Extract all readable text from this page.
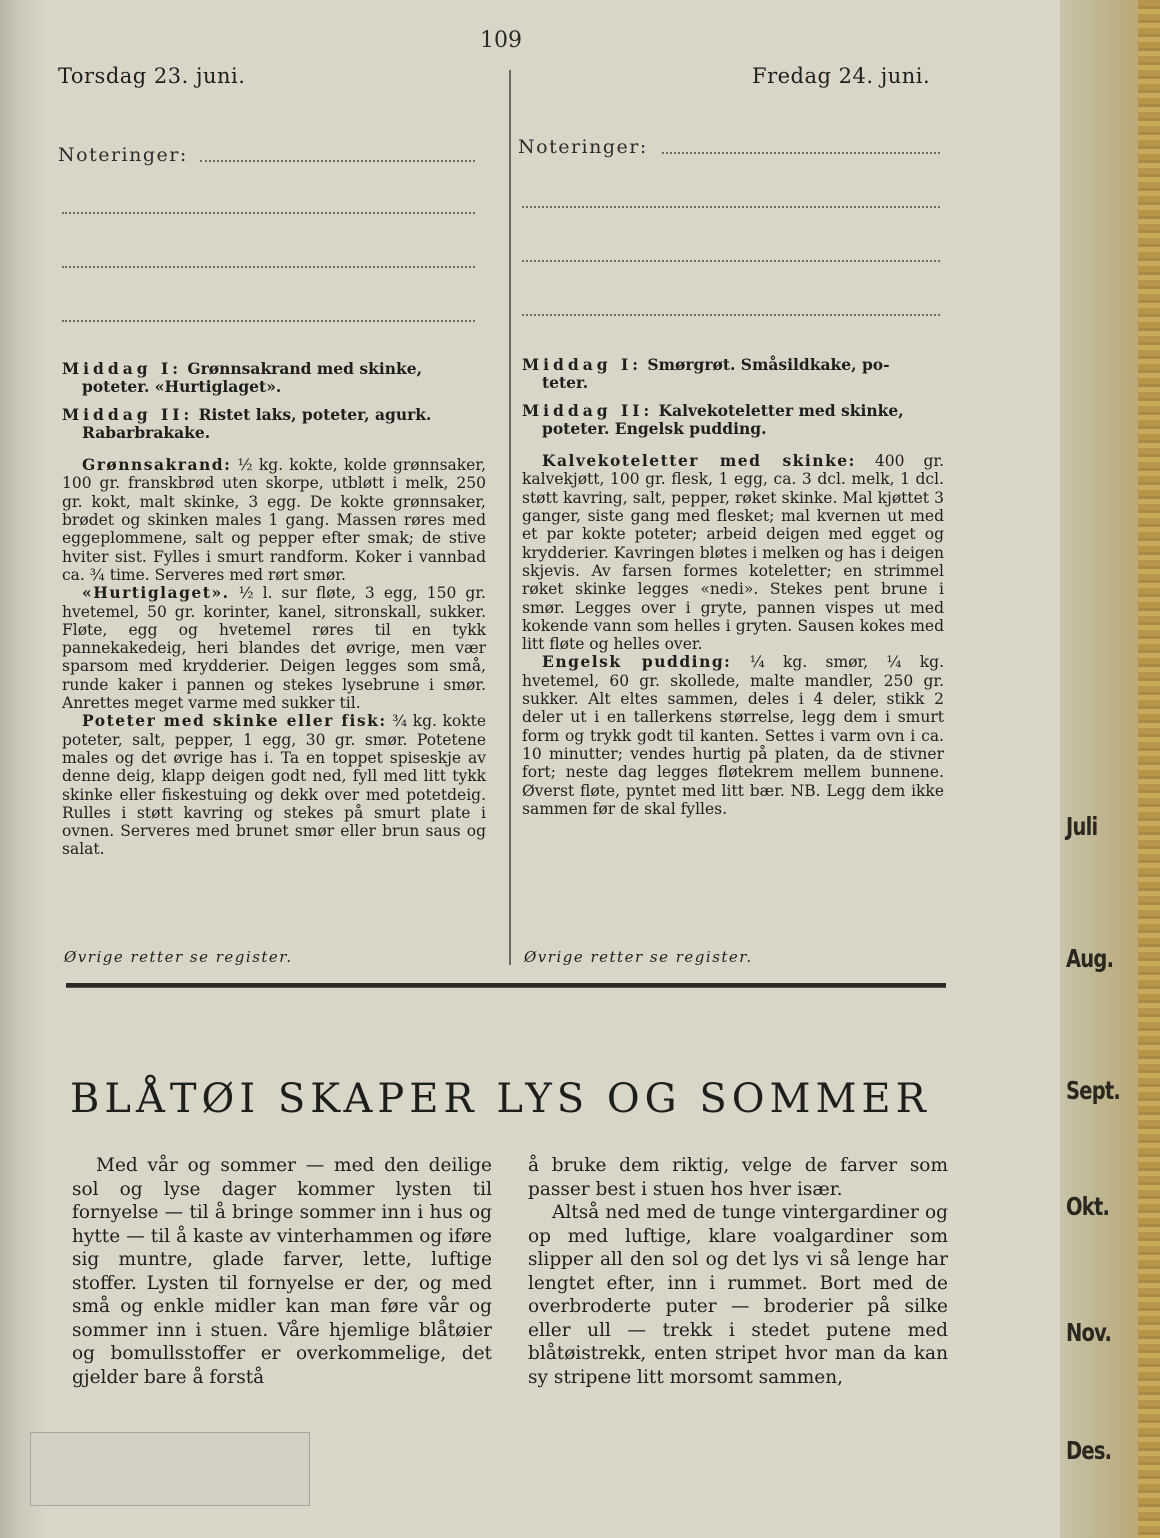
109
Torsdag 23. juni.
Noteringer:
Fredag 24. juni.
Noteringer:

Middag I: Grønnsakrand med skinke,
poteter. «Hurtiglaget».

Middag II: Ristet laks, poteter, agurk.
Rabarbrakake.

Grønnsakrand: ½ kg. kokte, kolde grønnsaker, 100 gr. franskbrød uten skorpe, utbløtt i melk, 250 gr. kokt, malt skinke, 3 egg. De kokte grønnsaker, brødet og skinken males 1 gang. Massen røres med eggeplommene, salt og pepper efter smak; de stive hviter sist. Fylles i smurt randform. Koker i vannbad ca. ¾ time. Serveres med rørt smør.

«Hurtiglaget». ½ l. sur fløte, 3 egg, 150 gr. hvetemel, 50 gr. korinter, kanel, sitronskall, sukker. Fløte, egg og hvetemel røres til en tykk pannekakedeig, heri blandes det øvrige, men vær sparsom med krydderier. Deigen legges som små, runde kaker i pannen og stekes lysebrune i smør. Anrettes meget varme med sukker til.

Poteter med skinke eller fisk: ¾ kg. kokte poteter, salt, pepper, 1 egg, 30 gr. smør. Potetene males og det øvrige has i. Ta en toppet spiseskje av denne deig, klapp deigen godt ned, fyll med litt tykk skinke eller fiskestuing og dekk over med potetdeig. Rulles i støtt kavring og stekes på smurt plate i ovnen. Serveres med brunet smør eller brun saus og salat.

Øvrige retter se register.

Middag I: Smørgrøt. Småsildkake, po-
teter.

Middag II: Kalvekoteletter med skinke,
poteter. Engelsk pudding.

Kalvekoteletter med skinke: 400 gr. kalvekjøtt, 100 gr. flesk, 1 egg, ca. 3 dcl. melk, 1 dcl. støtt kavring, salt, pepper, røket skinke. Mal kjøttet 3 ganger, siste gang med flesket; mal kvernen ut med et par kokte poteter; arbeid deigen med egget og krydderier. Kavringen bløtes i melken og has i deigen skjevis. Av farsen formes koteletter; en strimmel røket skinke legges «nedi». Stekes pent brune i smør. Legges over i gryte, pannen vispes ut med kokende vann som helles i gryten. Sausen kokes med litt fløte og helles over.

Engelsk pudding: ¼ kg. smør, ¼ kg. hvetemel, 60 gr. skollede, malte mandler, 250 gr. sukker. Alt eltes sammen, deles i 4 deler, stikk 2 deler ut i en tallerkens størrelse, legg dem i smurt form og trykk godt til kanten. Settes i varm ovn i ca. 10 minutter; vendes hurtig på platen, da de stivner fort; neste dag legges fløtekrem mellem bunnene. Øverst fløte, pyntet med litt bær. NB. Legg dem ikke sammen før de skal fylles.

Øvrige retter se register.
BLÅTØI SKAPER LYS OG SOMMER

Med vår og sommer — med den deilige sol og lyse dager kommer lysten til fornyelse — til å bringe sommer inn i hus og hytte — til å kaste av vinterhammen og iføre sig muntre, glade farver, lette, luftige stoffer. Lysten til fornyelse er der, og med små og enkle midler kan man føre vår og sommer inn i stuen. Våre hjemlige blåtøier og bomullsstoffer er overkommelige, det gjelder bare å forstå

å bruke dem riktig, velge de farver som passer best i stuen hos hver især.

Altså ned med de tunge vintergardiner og op med luftige, klare voalgardiner som slipper all den sol og det lys vi så lenge har lengtet efter, inn i rummet. Bort med de overbroderte puter — broderier på silke eller ull — trekk i stedet putene med blåtøistrekk, enten stripet hvor man da kan sy stripene litt morsomt sammen,

Juli
Aug.
Sept.
Okt.
Nov.
Des.
